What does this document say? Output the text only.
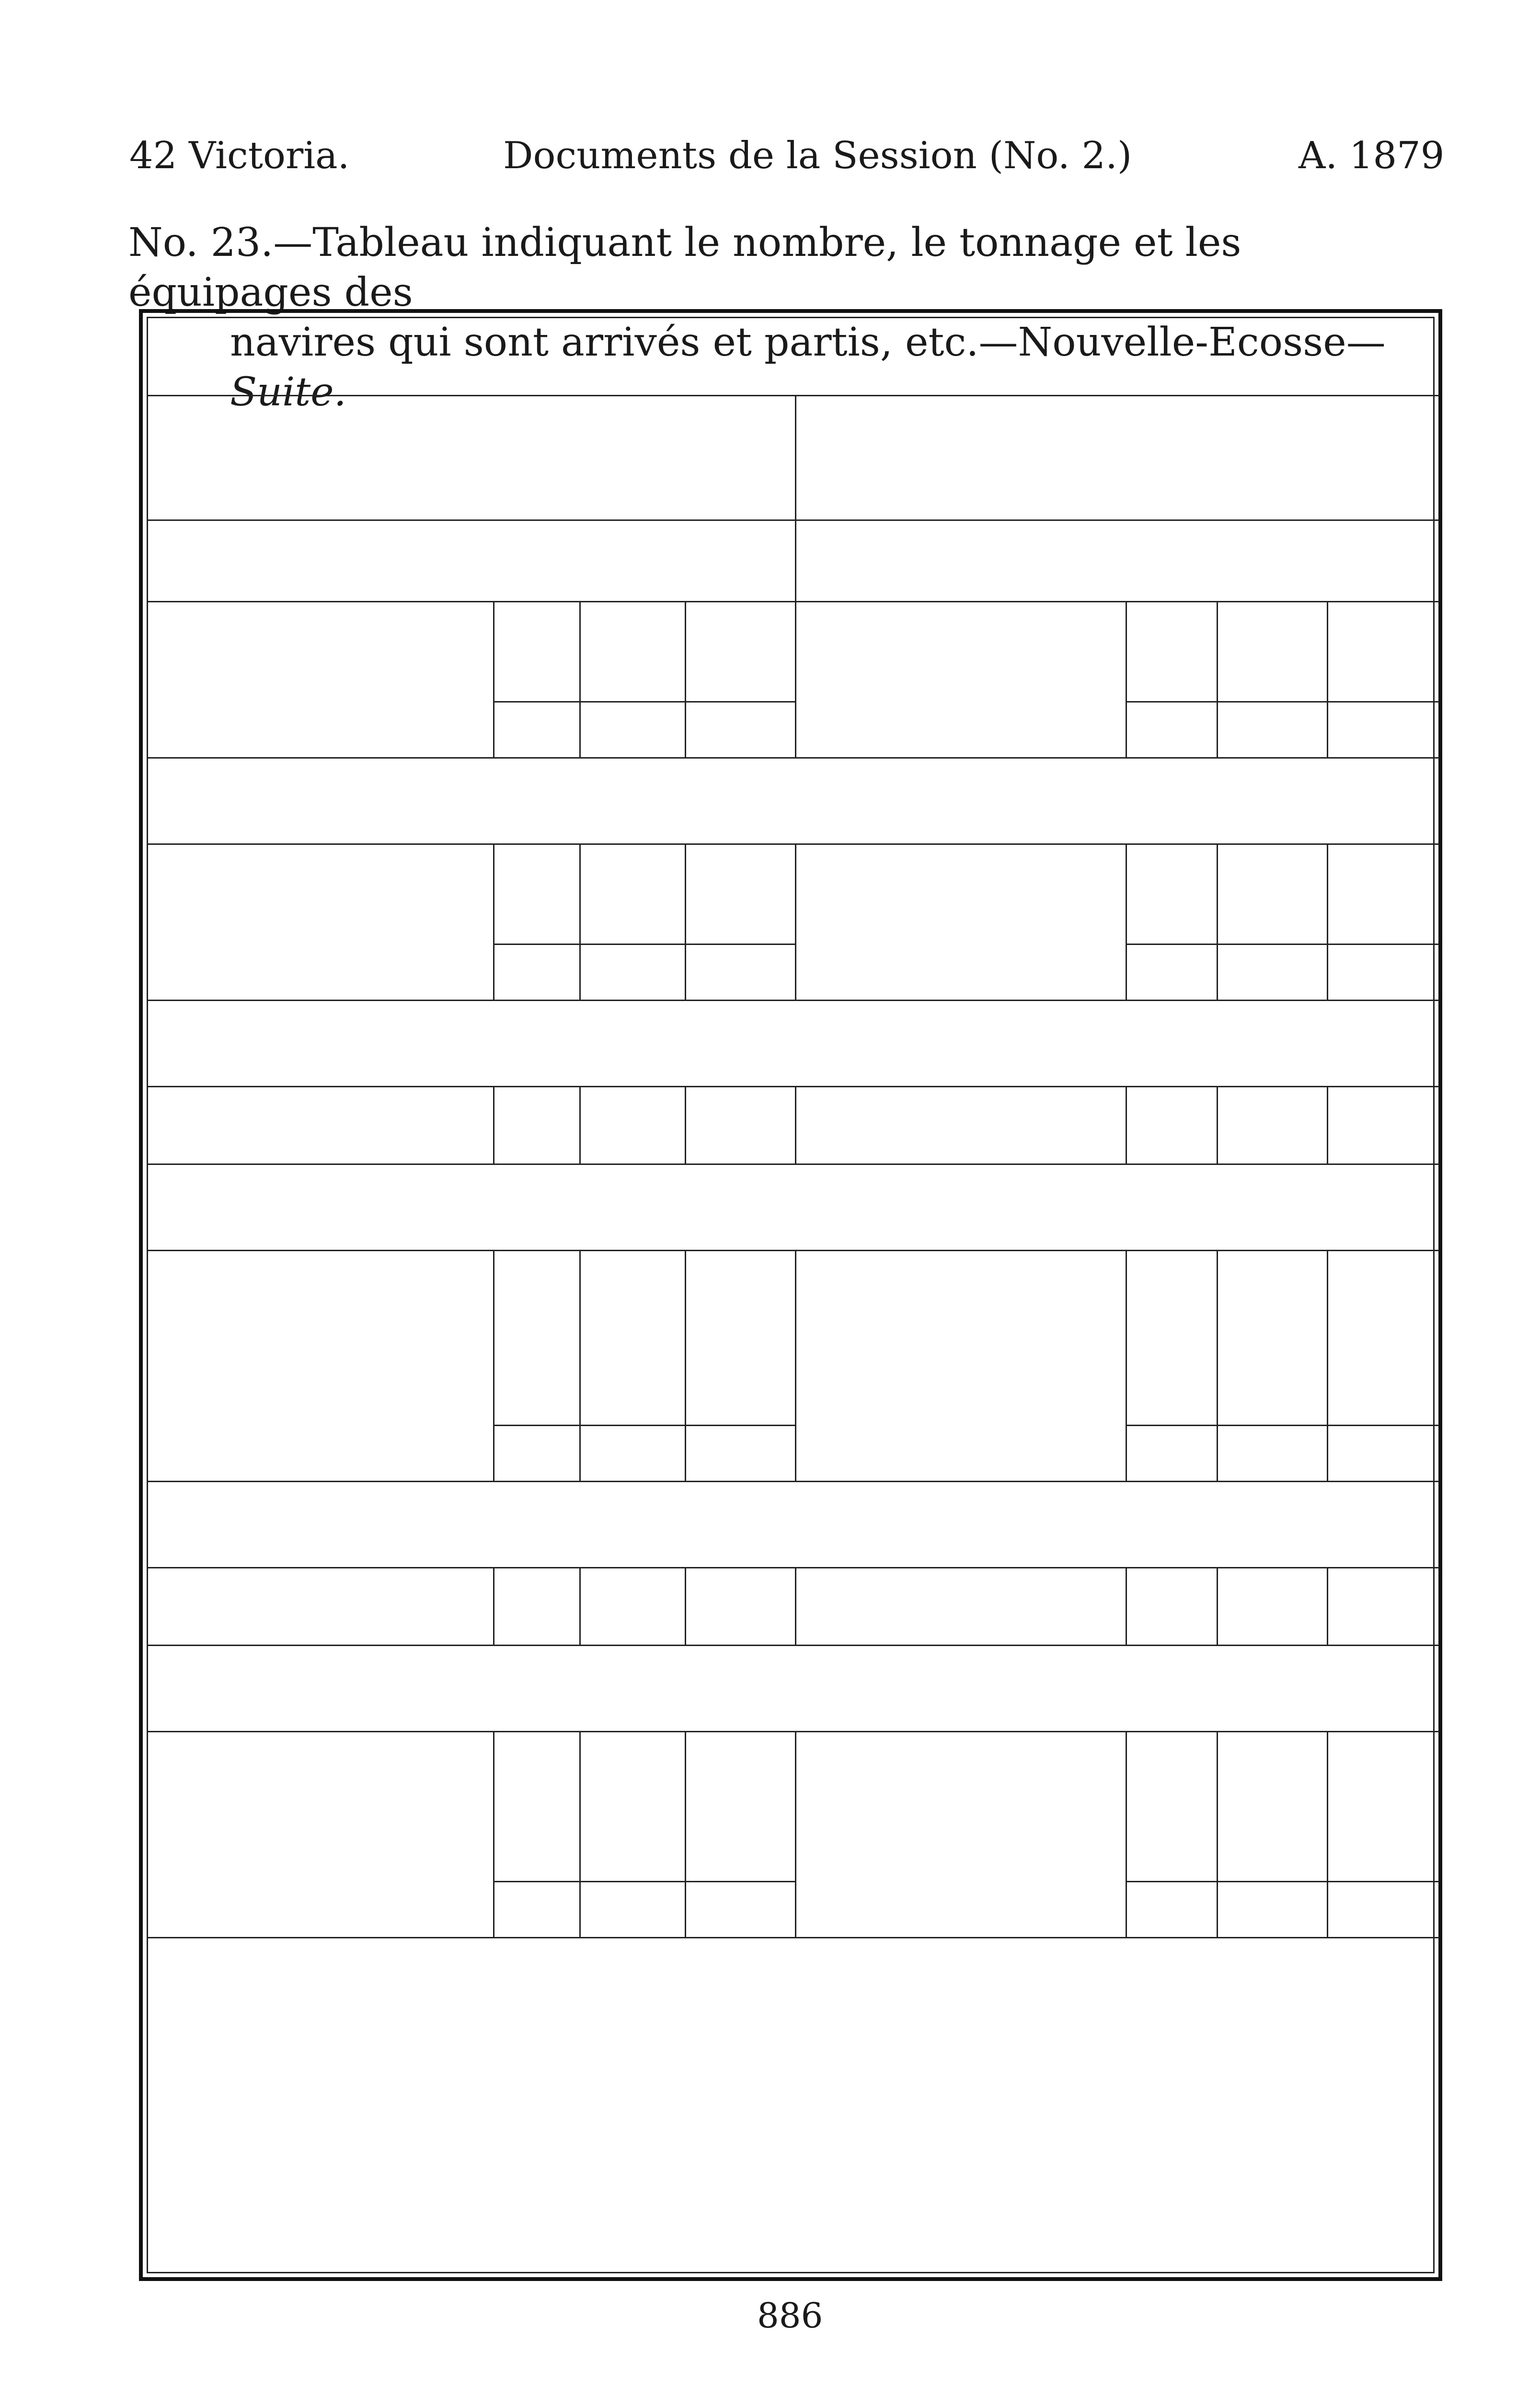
42 Victoria.	Documents de la Session (No. 2.)	A. 1879
No. 23.—Tableau indiquant le nombre, le tonnage et les équipages des
navires qui sont arrivés et partis, etc.—Nouvelle-Ecosse—Suite.
886
